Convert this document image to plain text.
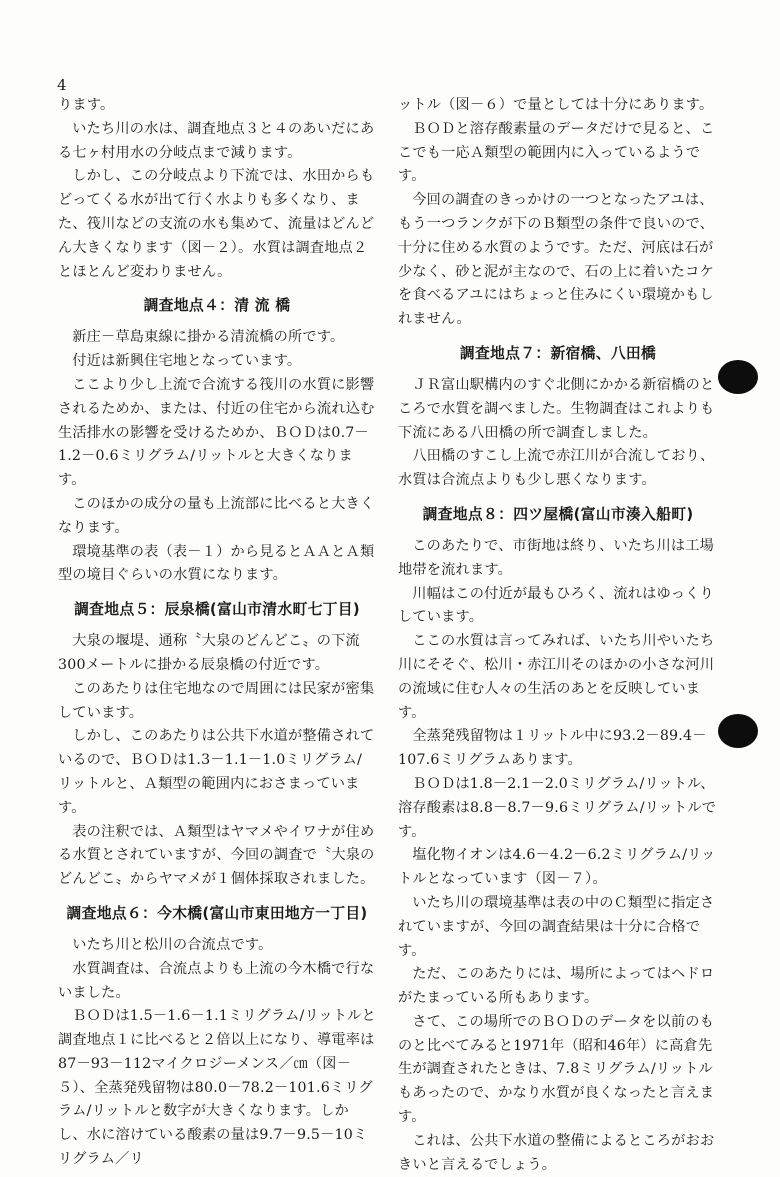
4

ります。

いたち川の水は、調査地点３と４のあいだにある七ヶ村用水の分岐点まで減ります。

しかし、この分岐点より下流では、水田からもどってくる水が出て行く水よりも多くなり、また、筏川などの支流の水も集めて、流量はどんどん大きくなります（図－２）。水質は調査地点２とほとんど変わりません。

調査地点４：清 流 橋

新庄－草島東線に掛かる清流橋の所です。

付近は新興住宅地となっています。

ここより少し上流で合流する筏川の水質に影響されるためか、または、付近の住宅から流れ込む生活排水の影響を受けるためか、ＢＯＤは0.7－1.2－0.6ミリグラム/リットルと大きくなります。

このほかの成分の量も上流部に比べると大きくなります。

環境基準の表（表－１）から見るとＡＡとＡ類型の境目ぐらいの水質になります。

調査地点５：辰泉橋(富山市清水町七丁目)

大泉の堰堤、通称〝大泉のどんどこ〟の下流300メートルに掛かる辰泉橋の付近です。

このあたりは住宅地なので周囲には民家が密集しています。

しかし、このあたりは公共下水道が整備されているので、ＢＯＤは1.3－1.1－1.0ミリグラム/リットルと、Ａ類型の範囲内におさまっています。

表の注釈では、Ａ類型はヤマメやイワナが住める水質とされていますが、今回の調査で〝大泉のどんどこ〟からヤマメが１個体採取されました。

調査地点６：今木橋(富山市東田地方一丁目)

いたち川と松川の合流点です。

水質調査は、合流点よりも上流の今木橋で行ないました。

ＢＯＤは1.5－1.6－1.1ミリグラム/リットルと調査地点１に比べると２倍以上になり、導電率は87－93－112マイクロジーメンス／㎝（図－５）、全蒸発残留物は80.0－78.2－101.6ミリグラム/リットルと数字が大きくなります。しかし、水に溶けている酸素の量は9.7－9.5－10ミリグラム／リ

ットル（図－６）で量としては十分にあります。

ＢＯＤと溶存酸素量のデータだけで見ると、ここでも一応Ａ類型の範囲内に入っているようです。

今回の調査のきっかけの一つとなったアユは、もう一つランクが下のＢ類型の条件で良いので、十分に住める水質のようです。ただ、河底は石が少なく、砂と泥が主なので、石の上に着いたコケを食べるアユにはちょっと住みにくい環境かもしれません。

調査地点７：新宿橋、八田橋

ＪＲ富山駅構内のすぐ北側にかかる新宿橋のところで水質を調べました。生物調査はこれよりも下流にある八田橋の所で調査しました。

八田橋のすこし上流で赤江川が合流しており、水質は合流点よりも少し悪くなります。

調査地点８：四ツ屋橋(富山市湊入船町)

このあたりで、市街地は終り、いたち川は工場地帯を流れます。

川幅はこの付近が最もひろく、流れはゆっくりしています。

ここの水質は言ってみれば、いたち川やいたち川にそそぐ、松川・赤江川そのほかの小さな河川の流域に住む人々の生活のあとを反映しています。

全蒸発残留物は１リットル中に93.2－89.4－107.6ミリグラムあります。

ＢＯＤは1.8－2.1－2.0ミリグラム/リットル、溶存酸素は8.8－8.7－9.6ミリグラム/リットルです。

塩化物イオンは4.6－4.2－6.2ミリグラム/リットルとなっています（図－７）。

いたち川の環境基準は表の中のＣ類型に指定されていますが、今回の調査結果は十分に合格です。

ただ、このあたりには、場所によってはヘドロがたまっている所もあります。

さて、この場所でのＢＯＤのデータを以前のものと比べてみると1971年（昭和46年）に高倉先生が調査されたときは、7.8ミリグラム/リットルもあったので、かなり水質が良くなったと言えます。

これは、公共下水道の整備によるところがおおきいと言えるでしょう。
